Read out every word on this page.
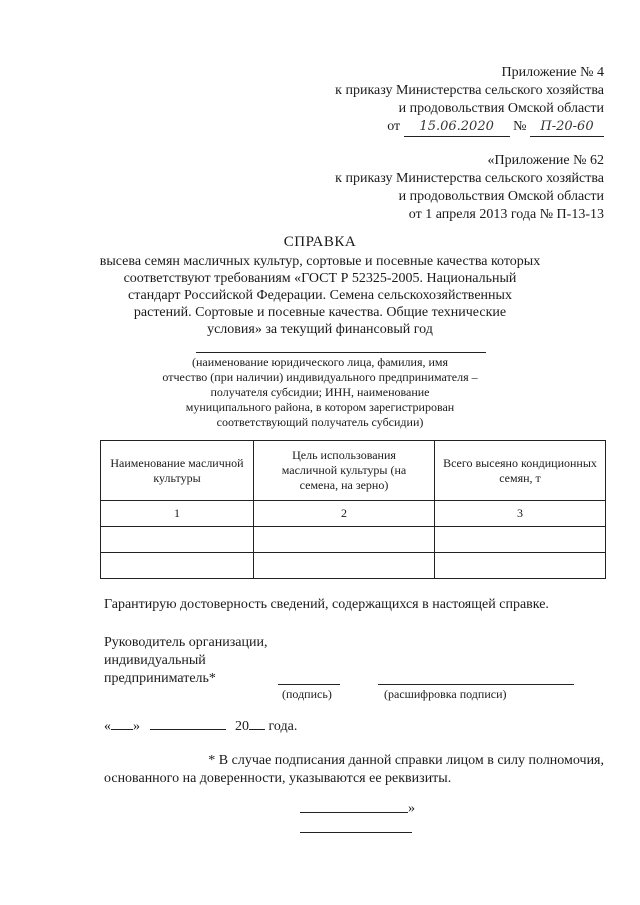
Приложение № 4
к приказу Министерства сельского хозяйства
и продовольствия Омской области
от 15.06.2020 № П-20-60
«Приложение № 62
к приказу Министерства сельского хозяйства
и продовольствия Омской области
от 1 апреля 2013 года № П-13-13
СПРАВКА
высева семян масличных культур, сортовые и посевные качества которых
соответствуют требованиям «ГОСТ Р 52325-2005. Национальный
стандарт Российской Федерации. Семена сельскохозяйственных
растений. Сортовые и посевные качества. Общие технические
условия» за текущий финансовый год
(наименование юридического лица, фамилия, имя
отчество (при наличии) индивидуального предпринимателя –
получателя субсидии; ИНН, наименование
муниципального района, в котором зарегистрирован
соответствующий получатель субсидии)
Наименование масличной культуры	Цель использования масличной культуры (на семена, на зерно)	Всего высеяно кондиционных семян, т
1	2	3

Гарантирую достоверность сведений, содержащихся в настоящей справке.
Руководитель организации,
индивидуальный
предприниматель*
(подпись)	(расшифровка подписи)
« »	20 года.
* В случае подписания данной справки лицом в силу полномочия,
основанного на доверенности, указываются ее реквизиты.
»
